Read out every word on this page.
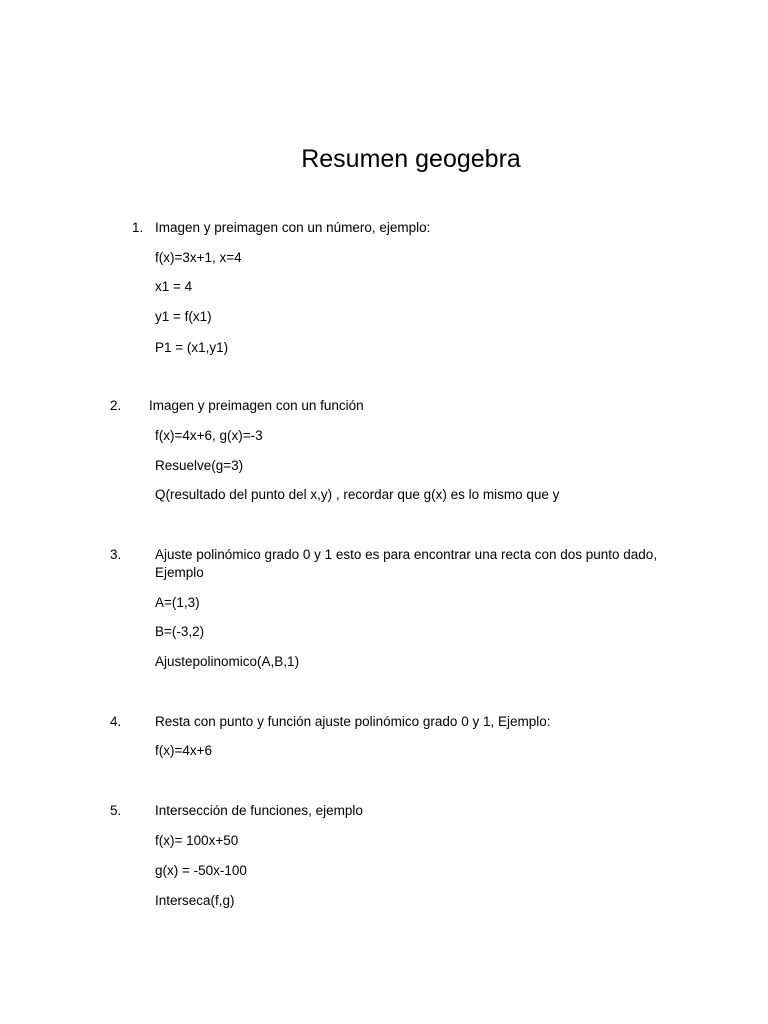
Resumen geogebra
1. Imagen y preimagen con un número, ejemplo:
f(x)=3x+1, x=4
x1 = 4
y1 = f(x1)
P1 = (x1,y1)
2. Imagen y preimagen con un función
f(x)=4x+6, g(x)=-3
Resuelve(g=3)
Q(resultado del punto del x,y) , recordar que g(x) es lo mismo que y
3. Ajuste polinómico grado 0 y 1 esto es para encontrar una recta con dos punto dado,
Ejemplo
A=(1,3)
B=(-3,2)
Ajustepolinomico(A,B,1)
4. Resta con punto y función ajuste polinómico grado 0 y 1, Ejemplo:
f(x)=4x+6
5. Intersección de funciones, ejemplo
f(x)= 100x+50
g(x) = -50x-100
Interseca(f,g)
